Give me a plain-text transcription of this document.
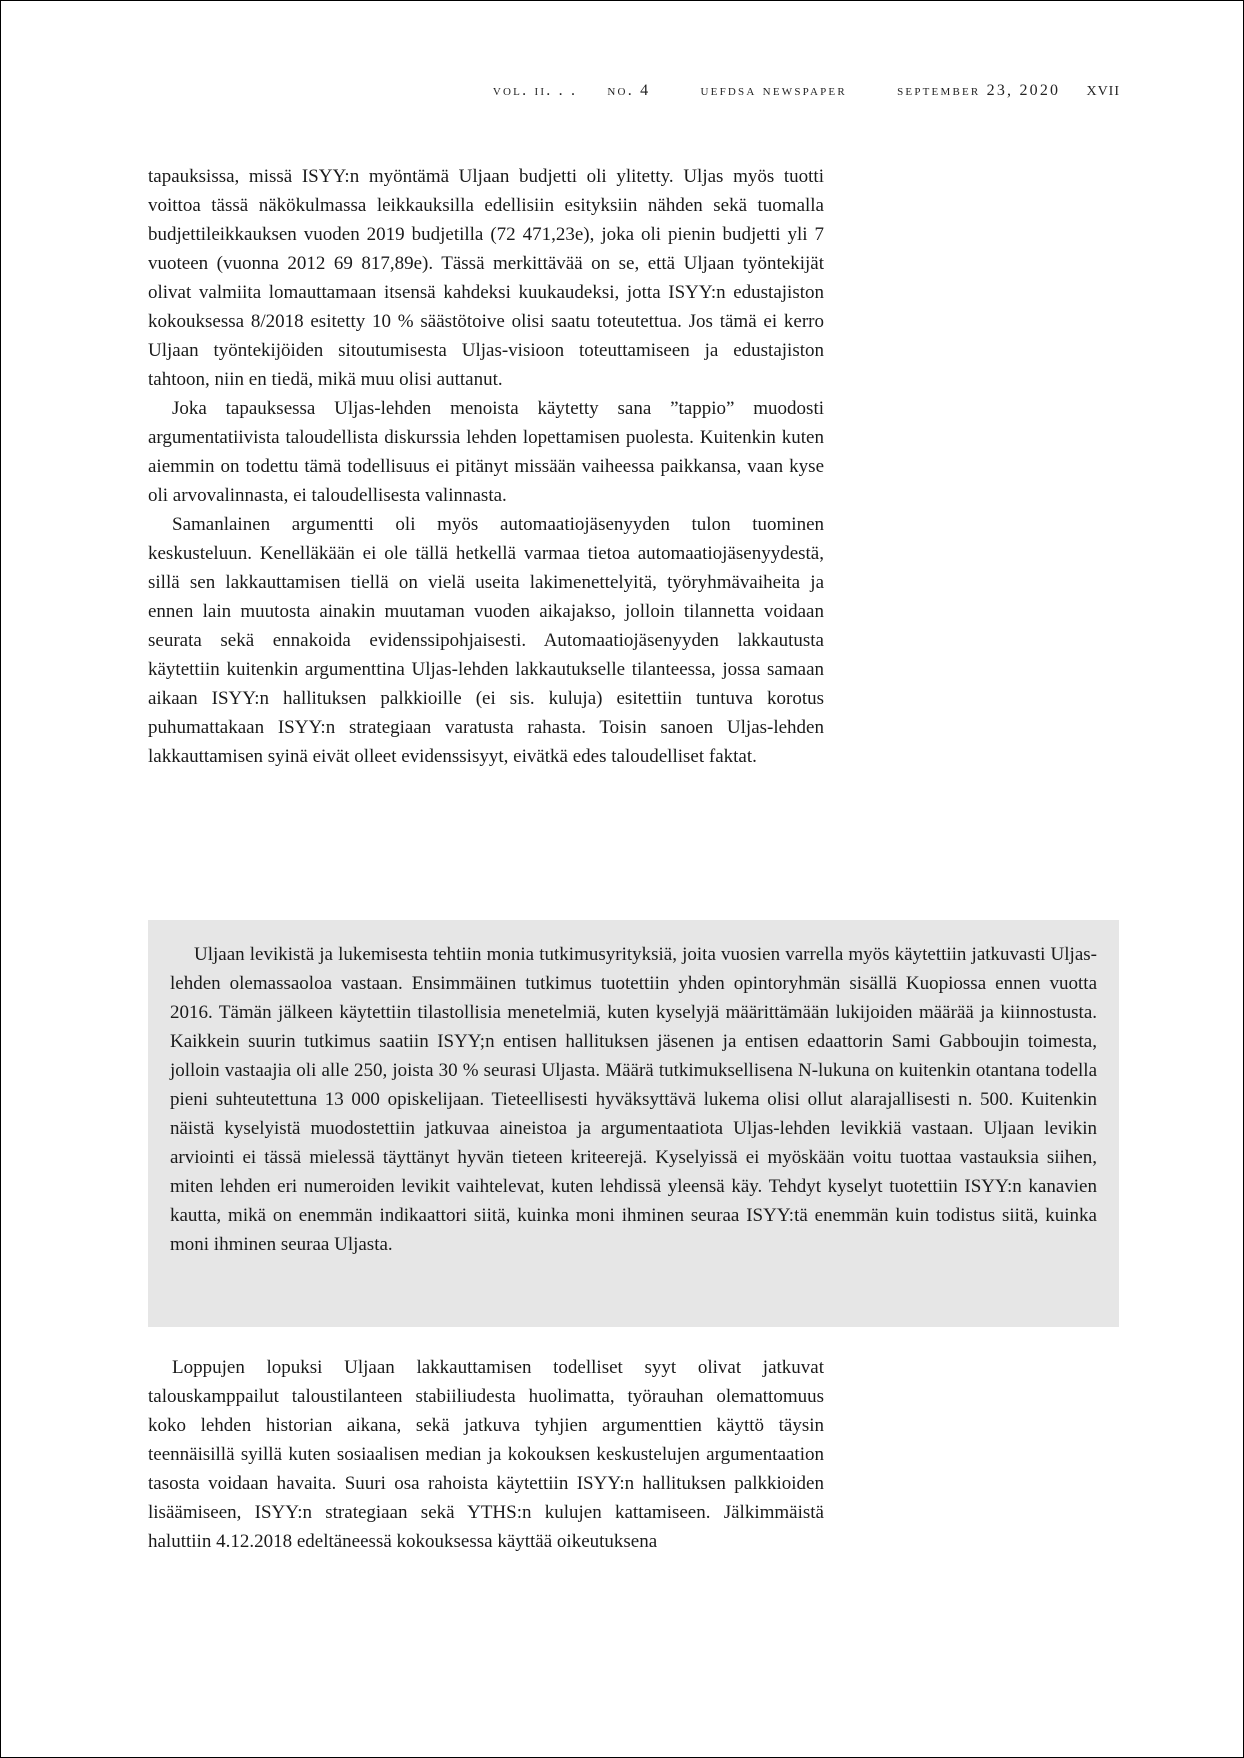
vol. ii. . . no. 4	uefdsa newspaper	september 23, 2020 xvii

tapauksissa, missä ISYY:n myöntämä Uljaan budjetti oli ylitetty. Uljas myös tuotti voittoa tässä näkökulmassa leikkauksilla edellisiin esityksiin nähden sekä tuomalla budjettileikkauksen vuoden 2019 budjetilla (72 471,23e), joka oli pienin budjetti yli 7 vuoteen (vuonna 2012 69 817,89e). Tässä merkittävää on se, että Uljaan työntekijät olivat valmiita lomauttamaan itsensä kahdeksi kuukaudeksi, jotta ISYY:n edustajiston kokouksessa 8/2018 esitetty 10 % säästötoive olisi saatu toteutettua. Jos tämä ei kerro Uljaan työntekijöiden sitoutumisesta Uljas-visioon toteuttamiseen ja edustajiston tahtoon, niin en tiedä, mikä muu olisi auttanut.

Joka tapauksessa Uljas-lehden menoista käytetty sana ”tappio” muodosti argumentatiivista taloudellista diskurssia lehden lopettamisen puolesta. Kuitenkin kuten aiemmin on todettu tämä todellisuus ei pitänyt missään vaiheessa paikkansa, vaan kyse oli arvovalinnasta, ei taloudellisesta valinnasta.

Samanlainen argumentti oli myös automaatiojäsenyyden tulon tuominen keskusteluun. Kenelläkään ei ole tällä hetkellä varmaa tietoa automaatiojäsenyydestä, sillä sen lakkauttamisen tiellä on vielä useita lakimenettelyitä, työryhmävaiheita ja ennen lain muutosta ainakin muutaman vuoden aikajakso, jolloin tilannetta voidaan seurata sekä ennakoida evidenssipohjaisesti. Automaatiojäsenyyden lakkautusta käytettiin kuitenkin argumenttina Uljas-lehden lakkautukselle tilanteessa, jossa samaan aikaan ISYY:n hallituksen palkkioille (ei sis. kuluja) esitettiin tuntuva korotus puhumattakaan ISYY:n strategiaan varatusta rahasta. Toisin sanoen Uljas-lehden lakkauttamisen syinä eivät olleet evidenssisyyt, eivätkä edes taloudelliset faktat.

Uljaan levikistä ja lukemisesta tehtiin monia tutkimusyrityksiä, joita vuosien varrella myös käytettiin jatkuvasti Uljas-lehden olemassaoloa vastaan. Ensimmäinen tutkimus tuotettiin yhden opintoryhmän sisällä Kuopiossa ennen vuotta 2016. Tämän jälkeen käytettiin tilastollisia menetelmiä, kuten kyselyjä määrittämään lukijoiden määrää ja kiinnostusta. Kaikkein suurin tutkimus saatiin ISYY;n entisen hallituksen jäsenen ja entisen edaattorin Sami Gabboujin toimesta, jolloin vastaajia oli alle 250, joista 30 % seurasi Uljasta. Määrä tutkimuksellisena N-lukuna on kuitenkin otantana todella pieni suhteutettuna 13 000 opiskelijaan. Tieteellisesti hyväksyttävä lukema olisi ollut alarajallisesti n. 500. Kuitenkin näistä kyselyistä muodostettiin jatkuvaa aineistoa ja argumentaatiota Uljas-lehden levikkiä vastaan. Uljaan levikin arviointi ei tässä mielessä täyttänyt hyvän tieteen kriteerejä. Kyselyissä ei myöskään voitu tuottaa vastauksia siihen, miten lehden eri numeroiden levikit vaihtelevat, kuten lehdissä yleensä käy. Tehdyt kyselyt tuotettiin ISYY:n kanavien kautta, mikä on enemmän indikaattori siitä, kuinka moni ihminen seuraa ISYY:tä enemmän kuin todistus siitä, kuinka moni ihminen seuraa Uljasta.

Loppujen lopuksi Uljaan lakkauttamisen todelliset syyt olivat jatkuvat talouskamppailut taloustilanteen stabiiliudesta huolimatta, työrauhan olemattomuus koko lehden historian aikana, sekä jatkuva tyhjien argumenttien käyttö täysin teennäisillä syillä kuten sosiaalisen median ja kokouksen keskustelujen argumentaation tasosta voidaan havaita. Suuri osa rahoista käytettiin ISYY:n hallituksen palkkioiden lisäämiseen, ISYY:n strategiaan sekä YTHS:n kulujen kattamiseen. Jälkimmäistä haluttiin 4.12.2018 edeltäneessä kokouksessa käyttää oikeutuksena
